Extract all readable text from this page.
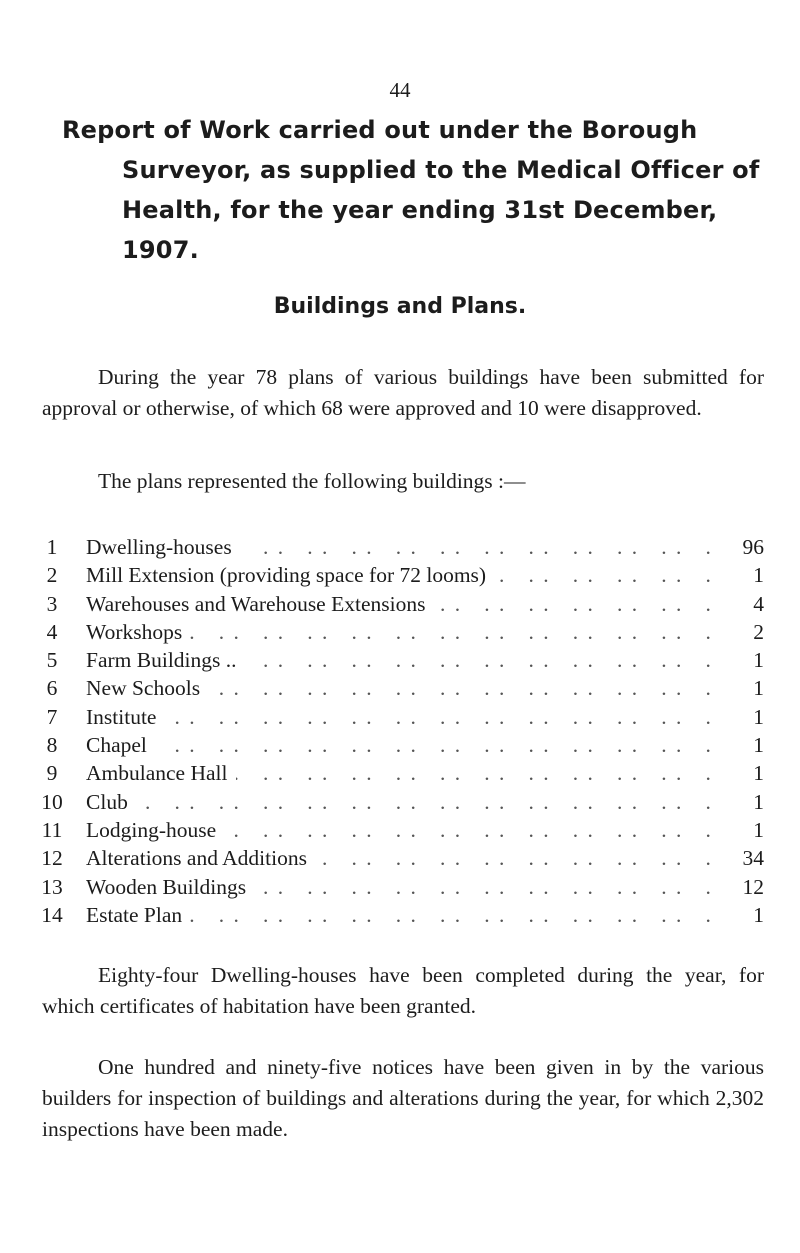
44
Report of Work carried out under the Borough Surveyor, as supplied to the Medical Officer of Health, for the year ending 31st December, 1907.
Buildings and Plans.

During the year 78 plans of various buildings have been submitted for approval or otherwise, of which 68 were approved and 10 were disapproved.

The plans represented the following buildings :—

1 . .	Dwelling-houses	96
2 . .	Mill Extension (providing space for 72 looms)	1
3 . .	Warehouses and Warehouse Extensions	4
4 . .	Workshops	2
5 . .	Farm Buildings ..	1
6 . .	New Schools	1
7 . .	Institute	1
8 . .	Chapel	1
9 . .	Ambulance Hall	1
10 . .	Club	1
11 . .	Lodging-house	1
12 . .	Alterations and Additions	34
13 . .	Wooden Buildings	12
14 . .	Estate Plan	1

Eighty-four Dwelling-houses have been completed during the year, for which certificates of habitation have been granted.

One hundred and ninety-five notices have been given in by the various builders for inspection of buildings and alterations during the year, for which 2,302 inspections have been made.
